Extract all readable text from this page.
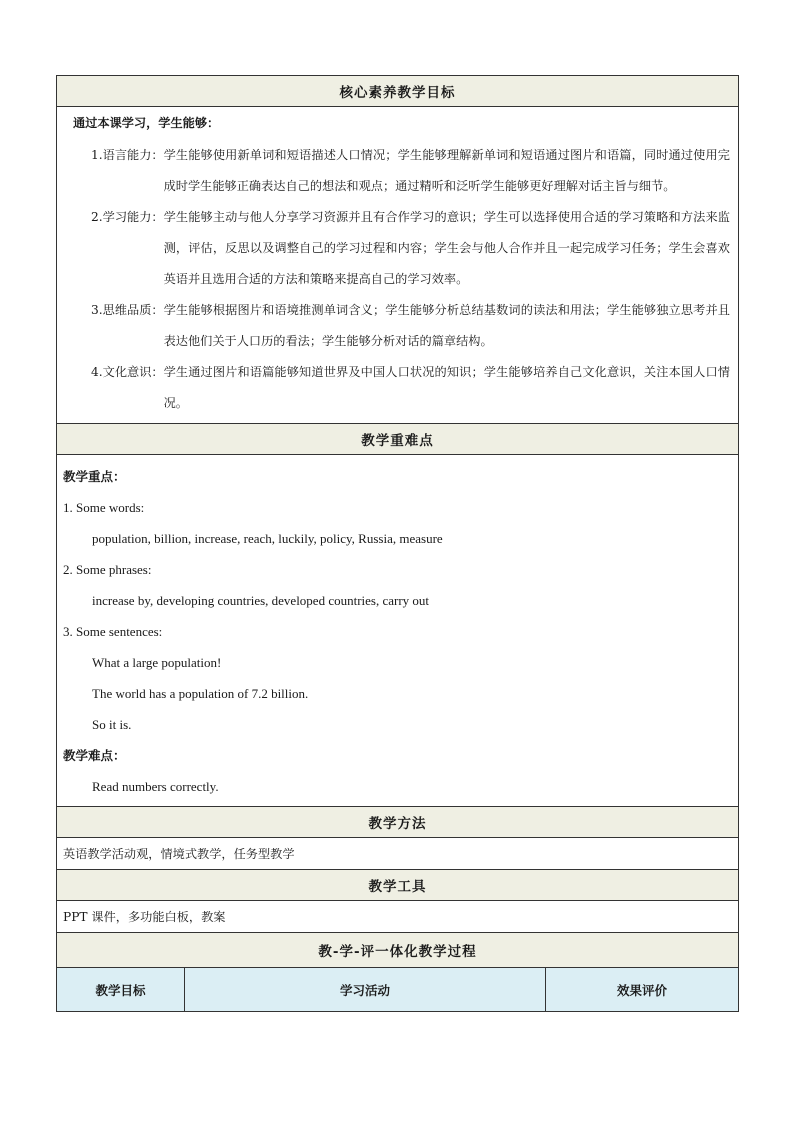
核心素养教学目标

通过本课学习，学生能够：
1.语言能力： 学生能够使用新单词和短语描述人口情况；学生能够理解新单词和短语通过图片和语篇，同时通过使用完成时学生能够正确表达自己的想法和观点；通过精听和泛听学生能够更好理解对话主旨与细节。
2.学习能力： 学生能够主动与他人分享学习资源并且有合作学习的意识；学生可以选择使用合适的学习策略和方法来监测，评估，反思以及调整自己的学习过程和内容；学生会与他人合作并且一起完成学习任务；学生会喜欢英语并且选用合适的方法和策略来提高自己的学习效率。
3.思维品质： 学生能够根据图片和语境推测单词含义；学生能够分析总结基数词的读法和用法；学生能够独立思考并且表达他们关于人口历的看法；学生能够分析对话的篇章结构。
4.文化意识： 学生通过图片和语篇能够知道世界及中国人口状况的知识；学生能够培养自己文化意识，关注本国人口情况。

教学重难点

教学重点：
1. Some words:
population, billion, increase, reach, luckily, policy, Russia, measure
2. Some phrases:
increase by, developing countries, developed countries, carry out
3. Some sentences:
What a large population!
The world has a population of 7.2 billion.
So it is.
教学难点：
Read numbers correctly.

教学方法
英语教学活动观，情境式教学，任务型教学
教学工具
PPT 课件，多功能白板，教案
教-学-评一体化教学过程
教学目标	学习活动	效果评价
